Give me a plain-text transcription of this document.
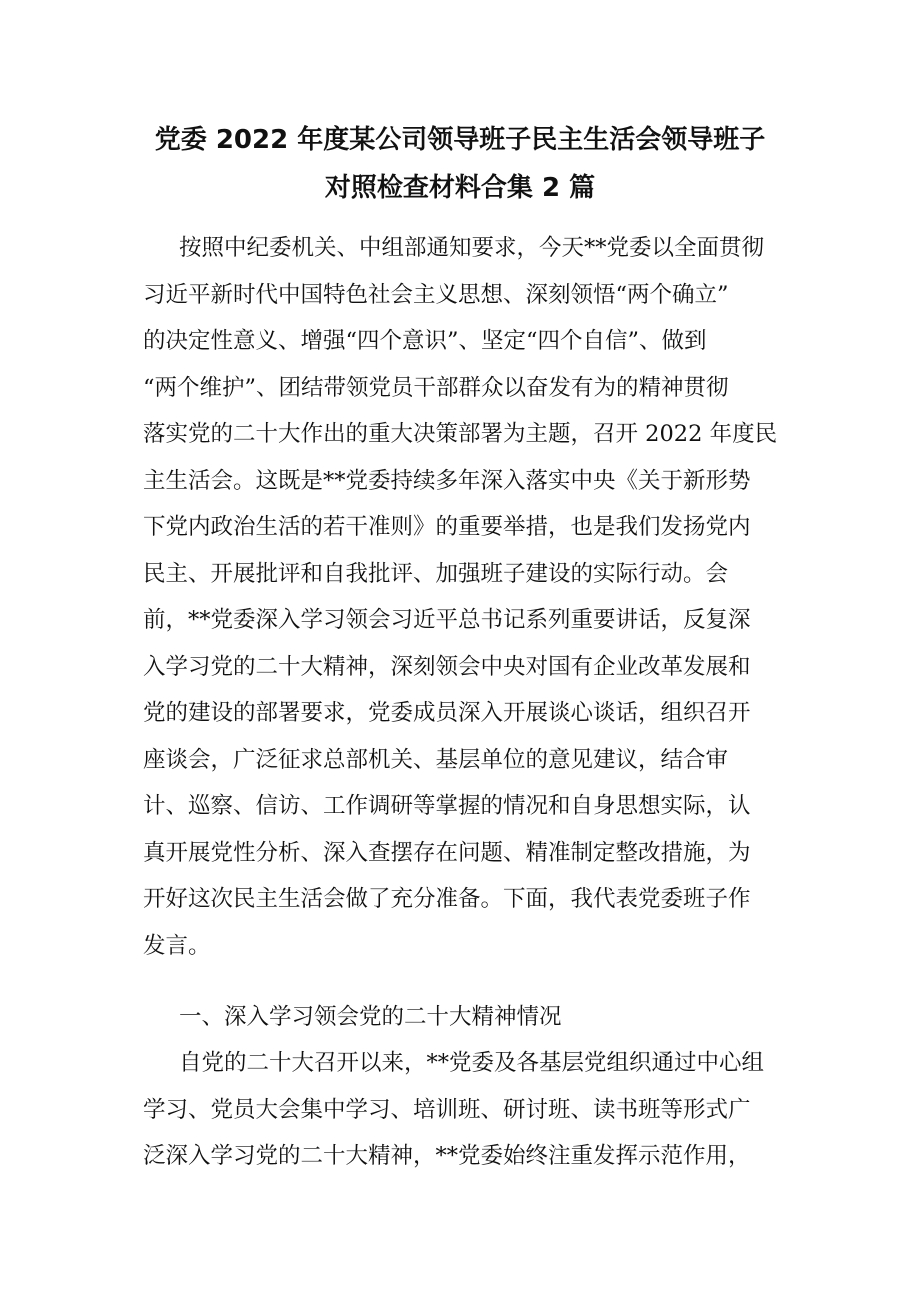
党委 2022 年度某公司领导班子民主生活会领导班子
对照检查材料合集 2 篇
按照中纪委机关、中组部通知要求，今天**党委以全面贯彻
习近平新时代中国特色社会主义思想、深刻领悟“两个确立”
的决定性意义、增强“四个意识”、坚定“四个自信”、做到
“两个维护”、团结带领党员干部群众以奋发有为的精神贯彻
落实党的二十大作出的重大决策部署为主题，召开 2022 年度民
主生活会。这既是**党委持续多年深入落实中央《关于新形势
下党内政治生活的若干准则》的重要举措，也是我们发扬党内
民主、开展批评和自我批评、加强班子建设的实际行动。会
前，**党委深入学习领会习近平总书记系列重要讲话，反复深
入学习党的二十大精神，深刻领会中央对国有企业改革发展和
党的建设的部署要求，党委成员深入开展谈心谈话，组织召开
座谈会，广泛征求总部机关、基层单位的意见建议，结合审
计、巡察、信访、工作调研等掌握的情况和自身思想实际，认
真开展党性分析、深入查摆存在问题、精准制定整改措施，为
开好这次民主生活会做了充分准备。下面，我代表党委班子作
发言。
一、深入学习领会党的二十大精神情况
自党的二十大召开以来，**党委及各基层党组织通过中心组
学习、党员大会集中学习、培训班、研讨班、读书班等形式广
泛深入学习党的二十大精神，**党委始终注重发挥示范作用，
